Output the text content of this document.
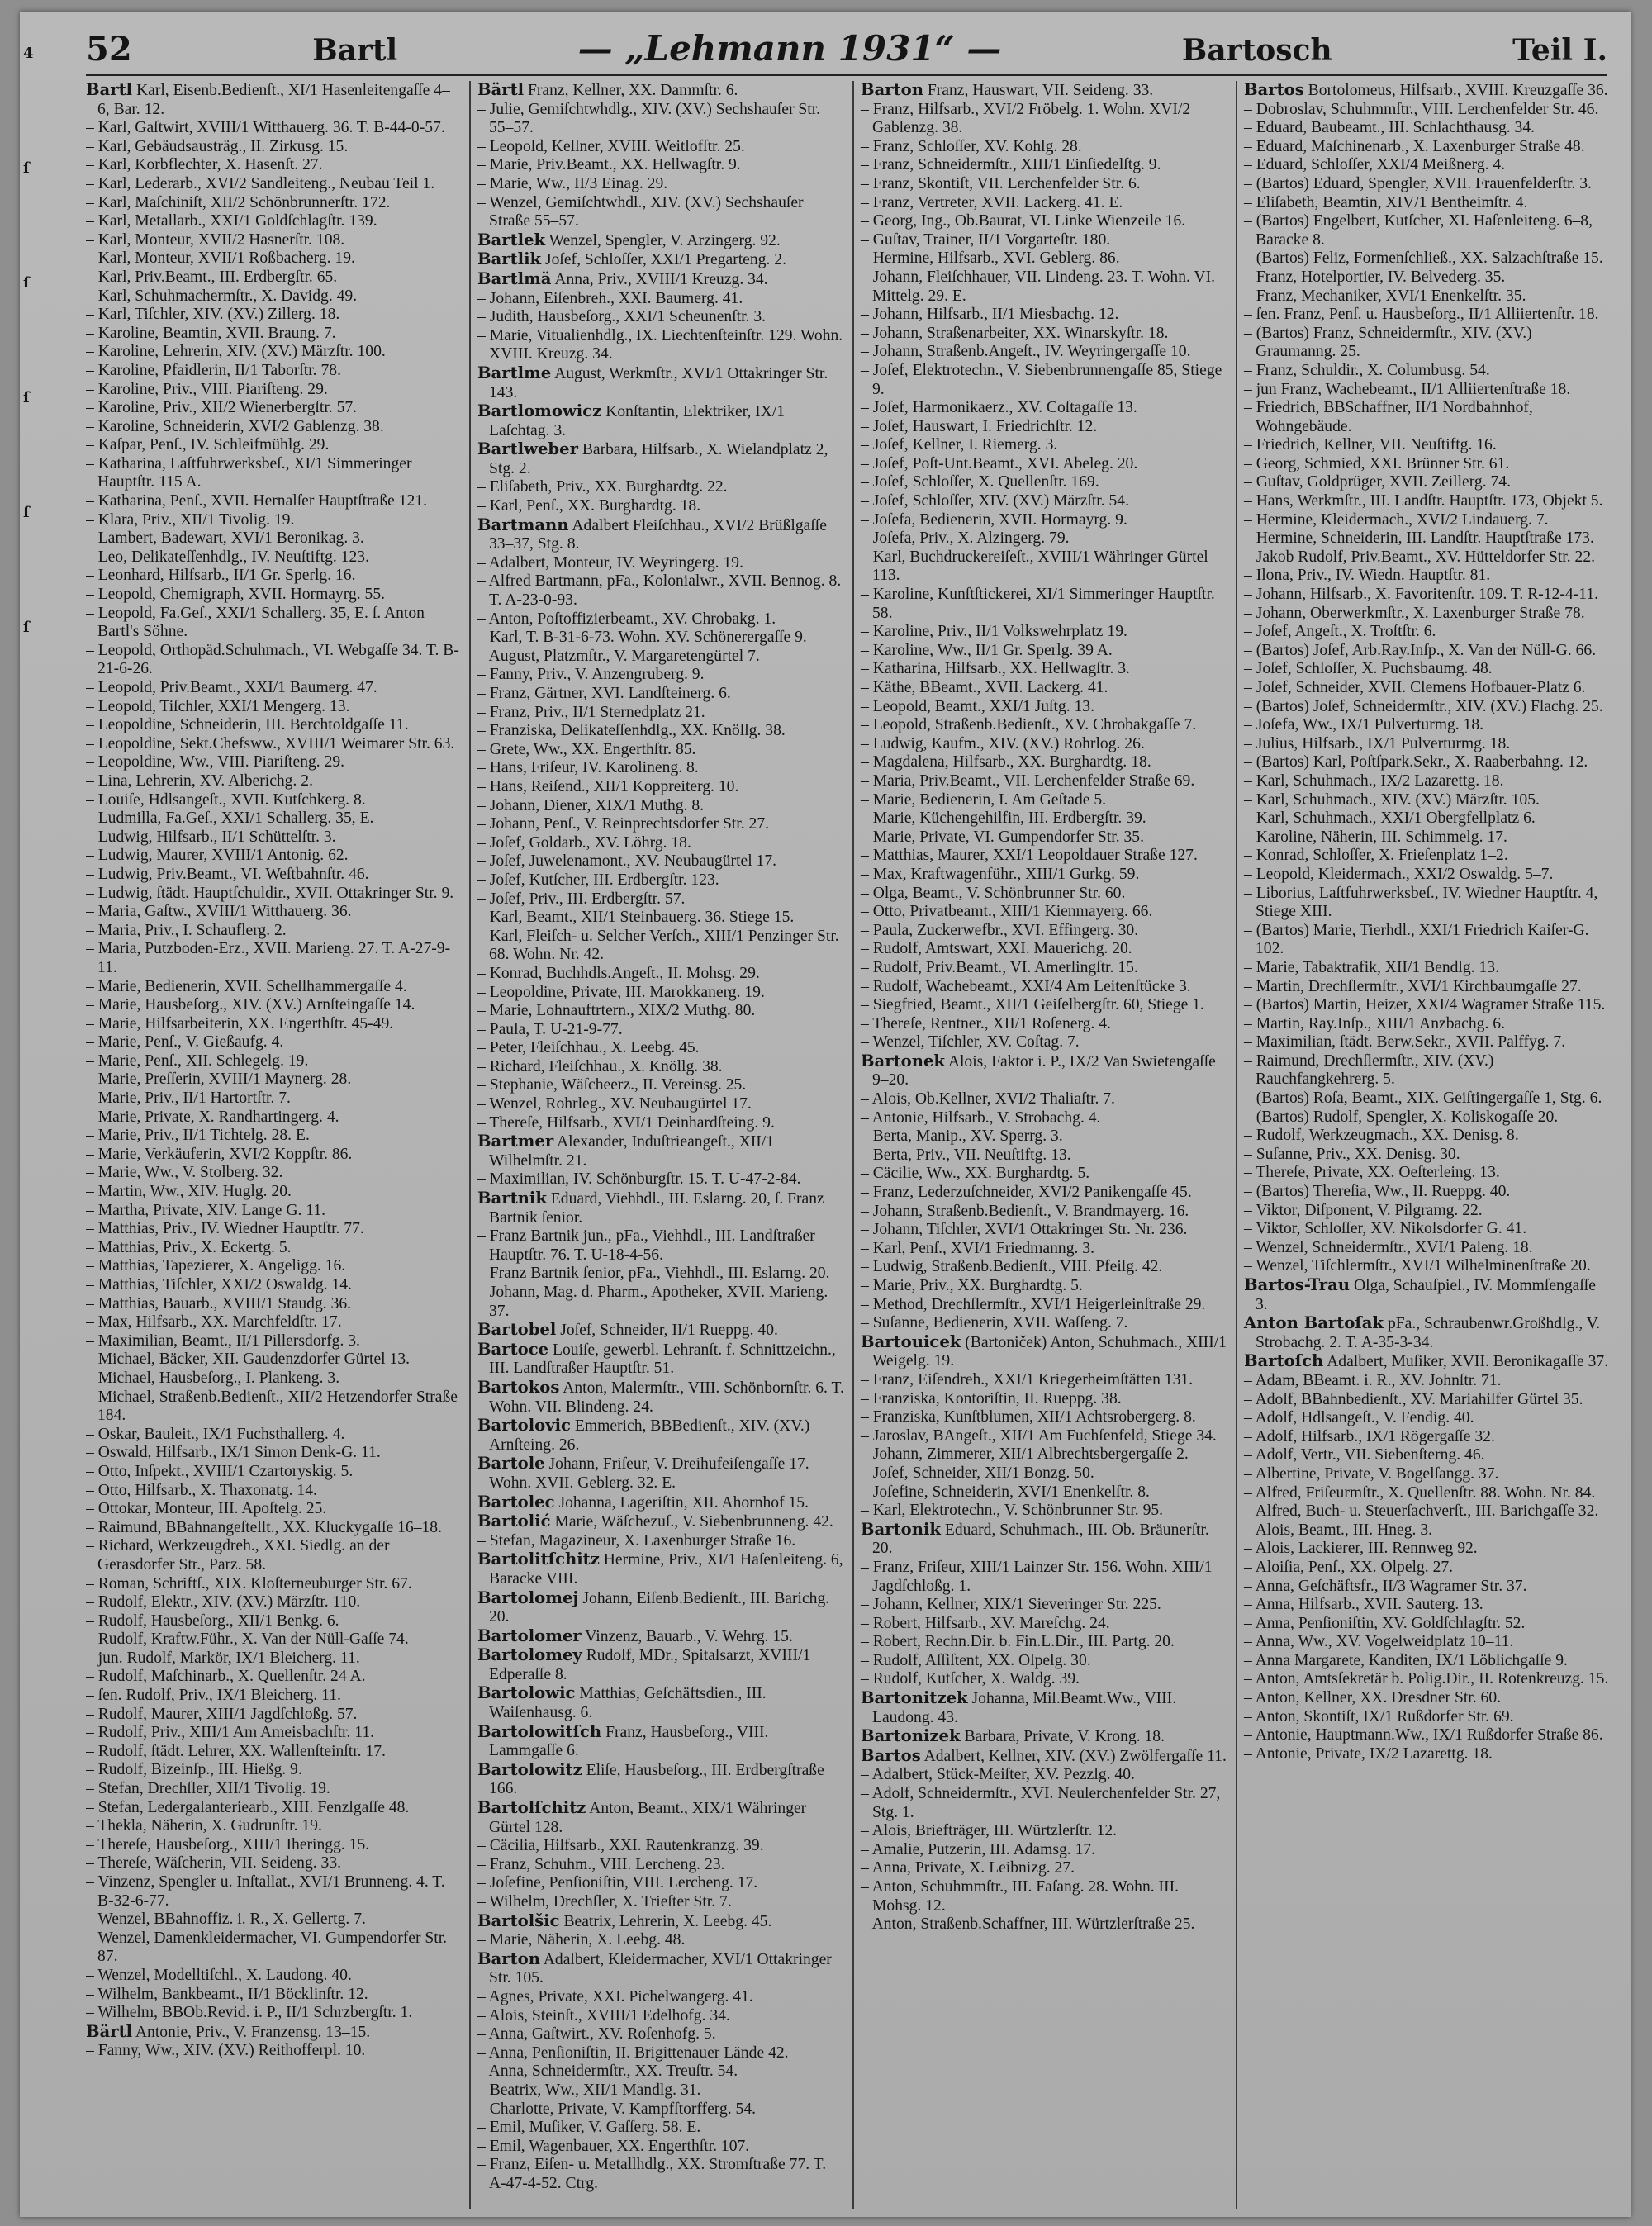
4
ſ
ſ
ſ
ſ
ſ
52	Bartl	— „Lehmann 1931“ —	Bartosch	Teil I.
Bartl Karl, Eisenb.Bedienſt., XI/1 Hasenleitengaſſe 4–6, Bar. 12.
– Karl, Gaſtwirt, XVIII/1 Witthauerg. 36. T. B-44-0-57.
– Karl, Gebäudsausträg., II. Zirkusg. 15.
– Karl, Korbflechter, X. Hasenſt. 27.
– Karl, Lederarb., XVI/2 Sandleiteng., Neubau Teil 1.
– Karl, Maſchiniſt, XII/2 Schönbrunnerſtr. 172.
– Karl, Metallarb., XXI/1 Goldſchlagſtr. 139.
– Karl, Monteur, XVII/2 Hasnerſtr. 108.
– Karl, Monteur, XVII/1 Roßbacherg. 19.
– Karl, Priv.Beamt., III. Erdbergſtr. 65.
– Karl, Schuhmachermſtr., X. Davidg. 49.
– Karl, Tiſchler, XIV. (XV.) Zillerg. 18.
– Karoline, Beamtin, XVII. Braung. 7.
– Karoline, Lehrerin, XIV. (XV.) Märzſtr. 100.
– Karoline, Pfaidlerin, II/1 Taborſtr. 78.
– Karoline, Priv., VIII. Piariſteng. 29.
– Karoline, Priv., XII/2 Wienerbergſtr. 57.
– Karoline, Schneiderin, XVI/2 Gablenzg. 38.
– Kaſpar, Penſ., IV. Schleifmühlg. 29.
– Katharina, Laſtfuhrwerksbeſ., XI/1 Simmeringer Hauptſtr. 115 A.
– Katharina, Penſ., XVII. Hernalſer Hauptſtraße 121.
– Klara, Priv., XII/1 Tivolig. 19.
– Lambert, Badewart, XVI/1 Beronikag. 3.
– Leo, Delikateſſenhdlg., IV. Neuſtiftg. 123.
– Leonhard, Hilfsarb., II/1 Gr. Sperlg. 16.
– Leopold, Chemigraph, XVII. Hormayrg. 55.
– Leopold, Fa.Geſ., XXI/1 Schallerg. 35, E. ſ. Anton Bartl's Söhne.
– Leopold, Orthopäd.Schuhmach., VI. Webgaſſe 34. T. B-21-6-26.
– Leopold, Priv.Beamt., XXI/1 Baumerg. 47.
– Leopold, Tiſchler, XXI/1 Mengerg. 13.
– Leopoldine, Schneiderin, III. Berchtoldgaſſe 11.
– Leopoldine, Sekt.Chefsww., XVIII/1 Weimarer Str. 63.
– Leopoldine, Ww., VIII. Piariſteng. 29.
– Lina, Lehrerin, XV. Alberichg. 2.
– Louiſe, Hdlsangeſt., XVII. Kutſchkerg. 8.
– Ludmilla, Fa.Geſ., XXI/1 Schallerg. 35, E.
– Ludwig, Hilfsarb., II/1 Schüttelſtr. 3.
– Ludwig, Maurer, XVIII/1 Antonig. 62.
– Ludwig, Priv.Beamt., VI. Weſtbahnſtr. 46.
– Ludwig, ſtädt. Hauptſchuldir., XVII. Ottakringer Str. 9.
– Maria, Gaſtw., XVIII/1 Witthauerg. 36.
– Maria, Priv., I. Schauflerg. 2.
– Maria, Putzboden-Erz., XVII. Marieng. 27. T. A-27-9-11.
– Marie, Bedienerin, XVII. Schellhammergaſſe 4.
– Marie, Hausbeſorg., XIV. (XV.) Arnſteingaſſe 14.
– Marie, Hilfsarbeiterin, XX. Engerthſtr. 45-49.
– Marie, Penſ., V. Gießaufg. 4.
– Marie, Penſ., XII. Schlegelg. 19.
– Marie, Preſſerin, XVIII/1 Maynerg. 28.
– Marie, Priv., II/1 Hartortſtr. 7.
– Marie, Private, X. Randhartingerg. 4.
– Marie, Priv., II/1 Tichtelg. 28. E.
– Marie, Verkäuferin, XVI/2 Koppſtr. 86.
– Marie, Ww., V. Stolberg. 32.
– Martin, Ww., XIV. Huglg. 20.
– Martha, Private, XIV. Lange G. 11.
– Matthias, Priv., IV. Wiedner Hauptſtr. 77.
– Matthias, Priv., X. Eckertg. 5.
– Matthias, Tapezierer, X. Angeligg. 16.
– Matthias, Tiſchler, XXI/2 Oswaldg. 14.
– Matthias, Bauarb., XVIII/1 Staudg. 36.
– Max, Hilfsarb., XX. Marchfeldſtr. 17.
– Maximilian, Beamt., II/1 Pillersdorfg. 3.
– Michael, Bäcker, XII. Gaudenzdorfer Gürtel 13.
– Michael, Hausbeſorg., I. Plankeng. 3.
– Michael, Straßenb.Bedienſt., XII/2 Hetzendorfer Straße 184.
– Oskar, Bauleit., IX/1 Fuchsthallerg. 4.
– Oswald, Hilfsarb., IX/1 Simon Denk-G. 11.
– Otto, Inſpekt., XVIII/1 Czartoryskig. 5.
– Otto, Hilfsarb., X. Thaxonatg. 14.
– Ottokar, Monteur, III. Apoſtelg. 25.
– Raimund, BBahnangeſtellt., XX. Kluckygaſſe 16–18.
– Richard, Werkzeugdreh., XXI. Siedlg. an der Gerasdorfer Str., Parz. 58.
– Roman, Schriftſ., XIX. Kloſterneuburger Str. 67.
– Rudolf, Elektr., XIV. (XV.) Märzſtr. 110.
– Rudolf, Hausbeſorg., XII/1 Benkg. 6.
– Rudolf, Kraftw.Führ., X. Van der Nüll-Gaſſe 74.
– jun. Rudolf, Markör, IX/1 Bleicherg. 11.
– Rudolf, Maſchinarb., X. Quellenſtr. 24 A.
– ſen. Rudolf, Priv., IX/1 Bleicherg. 11.
– Rudolf, Maurer, XIII/1 Jagdſchloßg. 57.
– Rudolf, Priv., XIII/1 Am Ameisbachſtr. 11.
– Rudolf, ſtädt. Lehrer, XX. Wallenſteinſtr. 17.
– Rudolf, Bizeinſp., III. Hießg. 9.
– Stefan, Drechſler, XII/1 Tivolig. 19.
– Stefan, Ledergalanteriearb., XIII. Fenzlgaſſe 48.
– Thekla, Näherin, X. Gudrunſtr. 19.
– Thereſe, Hausbeſorg., XIII/1 Iheringg. 15.
– Thereſe, Wäſcherin, VII. Seideng. 33.
– Vinzenz, Spengler u. Inſtallat., XVI/1 Brunneng. 4. T. B-32-6-77.
– Wenzel, BBahnoffiz. i. R., X. Gellertg. 7.
– Wenzel, Damenkleidermacher, VI. Gumpendorfer Str. 87.
– Wenzel, Modelltiſchl., X. Laudong. 40.
– Wilhelm, Bankbeamt., II/1 Böcklinſtr. 12.
– Wilhelm, BBOb.Revid. i. P., II/1 Schrzbergſtr. 1.
Bärtl Antonie, Priv., V. Franzensg. 13–15.
– Fanny, Ww., XIV. (XV.) Reithofferpl. 10.
Bärtl Franz, Kellner, XX. Dammſtr. 6.
– Julie, Gemiſchtwhdlg., XIV. (XV.) Sechshauſer Str. 55–57.
– Leopold, Kellner, XVIII. Weitlofſtr. 25.
– Marie, Priv.Beamt., XX. Hellwagſtr. 9.
– Marie, Ww., II/3 Einag. 29.
– Wenzel, Gemiſchtwhdl., XIV. (XV.) Sechshauſer Straße 55–57.
Bartlek Wenzel, Spengler, V. Arzingerg. 92.
Bartlik Joſef, Schloſſer, XXI/1 Pregarteng. 2.
Bartlmä Anna, Priv., XVIII/1 Kreuzg. 34.
– Johann, Eiſenbreh., XXI. Baumerg. 41.
– Judith, Hausbeſorg., XXI/1 Scheunenſtr. 3.
– Marie, Vitualienhdlg., IX. Liechtenſteinſtr. 129. Wohn. XVIII. Kreuzg. 34.
Bartlme August, Werkmſtr., XVI/1 Ottakringer Str. 143.
Bartlomowicz Konſtantin, Elektriker, IX/1 Laſchtag. 3.
Bartlweber Barbara, Hilfsarb., X. Wielandplatz 2, Stg. 2.
– Eliſabeth, Priv., XX. Burghardtg. 22.
– Karl, Penſ., XX. Burghardtg. 18.
Bartmann Adalbert Fleiſchhau., XVI/2 Brüßlgaſſe 33–37, Stg. 8.
– Adalbert, Monteur, IV. Weyringerg. 19.
– Alfred Bartmann, pFa., Kolonialwr., XVII. Bennog. 8. T. A-23-0-93.
– Anton, Poſtoffizierbeamt., XV. Chrobakg. 1.
– Karl, T. B-31-6-73. Wohn. XV. Schönerergaſſe 9.
– August, Platzmſtr., V. Margaretengürtel 7.
– Fanny, Priv., V. Anzengruberg. 9.
– Franz, Gärtner, XVI. Landſteinerg. 6.
– Franz, Priv., II/1 Sternedplatz 21.
– Franziska, Delikateſſenhdlg., XX. Knöllg. 38.
– Grete, Ww., XX. Engerthſtr. 85.
– Hans, Friſeur, IV. Karolineng. 8.
– Hans, Reiſend., XII/1 Koppreiterg. 10.
– Johann, Diener, XIX/1 Muthg. 8.
– Johann, Penſ., V. Reinprechtsdorfer Str. 27.
– Joſef, Goldarb., XV. Löhrg. 18.
– Joſef, Juwelenamont., XV. Neubaugürtel 17.
– Joſef, Kutſcher, III. Erdbergſtr. 123.
– Joſef, Priv., III. Erdbergſtr. 57.
– Karl, Beamt., XII/1 Steinbauerg. 36. Stiege 15.
– Karl, Fleiſch- u. Selcher Verſch., XIII/1 Penzinger Str. 68. Wohn. Nr. 42.
– Konrad, Buchhdls.Angeſt., II. Mohsg. 29.
– Leopoldine, Private, III. Marokkanerg. 19.
– Marie, Lohnauftrtern., XIX/2 Muthg. 80.
– Paula, T. U-21-9-77.
– Peter, Fleiſchhau., X. Leebg. 45.
– Richard, Fleiſchhau., X. Knöllg. 38.
– Stephanie, Wäſcheerz., II. Vereinsg. 25.
– Wenzel, Rohrleg., XV. Neubaugürtel 17.
– Thereſe, Hilfsarb., XVI/1 Deinhardſteing. 9.
Bartmer Alexander, Induſtrieangeſt., XII/1 Wilhelmſtr. 21.
– Maximilian, IV. Schönburgſtr. 15. T. U-47-2-84.
Bartnik Eduard, Viehhdl., III. Eslarng. 20, ſ. Franz Bartnik ſenior.
– Franz Bartnik jun., pFa., Viehhdl., III. Landſtraßer Hauptſtr. 76. T. U-18-4-56.
– Franz Bartnik ſenior, pFa., Viehhdl., III. Eslarng. 20.
– Johann, Mag. d. Pharm., Apotheker, XVII. Marieng. 37.
Bartobel Joſef, Schneider, II/1 Rueppg. 40.
Bartoce Louiſe, gewerbl. Lehranſt. f. Schnittzeichn., III. Landſtraßer Hauptſtr. 51.
Bartokos Anton, Malermſtr., VIII. Schönbornſtr. 6. T. Wohn. VII. Blindeng. 24.
Bartolovic Emmerich, BBBedienſt., XIV. (XV.) Arnſteing. 26.
Bartole Johann, Friſeur, V. Dreihufeiſengaſſe 17. Wohn. XVII. Geblerg. 32. E.
Bartolec Johanna, Lageriſtin, XII. Ahornhof 15.
Bartolić Marie, Wäſchezuſ., V. Siebenbrunneng. 42.
– Stefan, Magazineur, X. Laxenburger Straße 16.
Bartolitſchitz Hermine, Priv., XI/1 Haſenleiteng. 6, Baracke VIII.
Bartolomej Johann, Eiſenb.Bedienſt., III. Barichg. 20.
Bartolomer Vinzenz, Bauarb., V. Wehrg. 15.
Bartolomey Rudolf, MDr., Spitalsarzt, XVIII/1 Edperaſſe 8.
Bartolowic Matthias, Geſchäftsdien., III. Waiſenhausg. 6.
Bartolowitſch Franz, Hausbeſorg., VIII. Lammgaſſe 6.
Bartolowitz Eliſe, Hausbeſorg., III. Erdbergſtraße 166.
Bartolſchitz Anton, Beamt., XIX/1 Währinger Gürtel 128.
– Cäcilia, Hilfsarb., XXI. Rautenkranzg. 39.
– Franz, Schuhm., VIII. Lercheng. 23.
– Joſefine, Penſioniſtin, VIII. Lercheng. 17.
– Wilhelm, Drechſler, X. Trieſter Str. 7.
Bartolšic Beatrix, Lehrerin, X. Leebg. 45.
– Marie, Näherin, X. Leebg. 48.
Barton Adalbert, Kleidermacher, XVI/1 Ottakringer Str. 105.
– Agnes, Private, XXI. Pichelwangerg. 41.
– Alois, Steinſt., XVIII/1 Edelhofg. 34.
– Anna, Gaſtwirt., XV. Roſenhofg. 5.
– Anna, Penſioniſtin, II. Brigittenauer Lände 42.
– Anna, Schneidermſtr., XX. Treuſtr. 54.
– Beatrix, Ww., XII/1 Mandlg. 31.
– Charlotte, Private, V. Kampfſtorfferg. 54.
– Emil, Muſiker, V. Gaſſerg. 58. E.
– Emil, Wagenbauer, XX. Engerthſtr. 107.
– Franz, Eiſen- u. Metallhdlg., XX. Stromſtraße 77. T. A-47-4-52. Ctrg.
Barton Franz, Hauswart, VII. Seideng. 33.
– Franz, Hilfsarb., XVI/2 Fröbelg. 1. Wohn. XVI/2 Gablenzg. 38.
– Franz, Schloſſer, XV. Kohlg. 28.
– Franz, Schneidermſtr., XIII/1 Einſiedelſtg. 9.
– Franz, Skontiſt, VII. Lerchenfelder Str. 6.
– Franz, Vertreter, XVII. Lackerg. 41. E.
– Georg, Ing., Ob.Baurat, VI. Linke Wienzeile 16.
– Guſtav, Trainer, II/1 Vorgarteſtr. 180.
– Hermine, Hilfsarb., XVI. Geblerg. 86.
– Johann, Fleiſchhauer, VII. Lindeng. 23. T. Wohn. VI. Mittelg. 29. E.
– Johann, Hilfsarb., II/1 Miesbachg. 12.
– Johann, Straßenarbeiter, XX. Winarskyſtr. 18.
– Johann, Straßenb.Angeſt., IV. Weyringergaſſe 10.
– Joſef, Elektrotechn., V. Siebenbrunnengaſſe 85, Stiege 9.
– Joſef, Harmonikaerz., XV. Coſtagaſſe 13.
– Joſef, Hauswart, I. Friedrichſtr. 12.
– Joſef, Kellner, I. Riemerg. 3.
– Joſef, Poſt-Unt.Beamt., XVI. Abeleg. 20.
– Joſef, Schloſſer, X. Quellenſtr. 169.
– Joſef, Schloſſer, XIV. (XV.) Märzſtr. 54.
– Joſefa, Bedienerin, XVII. Hormayrg. 9.
– Joſefa, Priv., X. Alzingerg. 79.
– Karl, Buchdruckereiſeſt., XVIII/1 Währinger Gürtel 113.
– Karoline, Kunſtſtickerei, XI/1 Simmeringer Hauptſtr. 58.
– Karoline, Priv., II/1 Volkswehrplatz 19.
– Karoline, Ww., II/1 Gr. Sperlg. 39 A.
– Katharina, Hilfsarb., XX. Hellwagſtr. 3.
– Käthe, BBeamt., XVII. Lackerg. 41.
– Leopold, Beamt., XXI/1 Juſtg. 13.
– Leopold, Straßenb.Bedienſt., XV. Chrobakgaſſe 7.
– Ludwig, Kaufm., XIV. (XV.) Rohrlog. 26.
– Magdalena, Hilfsarb., XX. Burghardtg. 18.
– Maria, Priv.Beamt., VII. Lerchenfelder Straße 69.
– Marie, Bedienerin, I. Am Geſtade 5.
– Marie, Küchengehilfin, III. Erdbergſtr. 39.
– Marie, Private, VI. Gumpendorfer Str. 35.
– Matthias, Maurer, XXI/1 Leopoldauer Straße 127.
– Max, Kraftwagenführ., XIII/1 Gurkg. 59.
– Olga, Beamt., V. Schönbrunner Str. 60.
– Otto, Privatbeamt., XIII/1 Kienmayerg. 66.
– Paula, Zuckerwefbr., XVI. Effingerg. 30.
– Rudolf, Amtswart, XXI. Mauerichg. 20.
– Rudolf, Priv.Beamt., VI. Amerlingſtr. 15.
– Rudolf, Wachebeamt., XXI/4 Am Leitenſtücke 3.
– Siegfried, Beamt., XII/1 Geiſelbergſtr. 60, Stiege 1.
– Thereſe, Rentner., XII/1 Roſenerg. 4.
– Wenzel, Tiſchler, XV. Coſtag. 7.
Bartonek Alois, Faktor i. P., IX/2 Van Swietengaſſe 9–20.
– Alois, Ob.Kellner, XVI/2 Thaliaſtr. 7.
– Antonie, Hilfsarb., V. Strobachg. 4.
– Berta, Manip., XV. Sperrg. 3.
– Berta, Priv., VII. Neuſtiftg. 13.
– Cäcilie, Ww., XX. Burghardtg. 5.
– Franz, Lederzuſchneider, XVI/2 Panikengaſſe 45.
– Johann, Straßenb.Bedienſt., V. Brandmayerg. 16.
– Johann, Tiſchler, XVI/1 Ottakringer Str. Nr. 236.
– Karl, Penſ., XVI/1 Friedmanng. 3.
– Ludwig, Straßenb.Bedienſt., VIII. Pfeilg. 42.
– Marie, Priv., XX. Burghardtg. 5.
– Method, Drechſlermſtr., XVI/1 Heigerleinſtraße 29.
– Suſanne, Bedienerin, XVII. Waſſeng. 7.
Bartouicek (Bartoniček) Anton, Schuhmach., XIII/1 Weigelg. 19.
– Franz, Eiſendreh., XXI/1 Kriegerheimſtätten 131.
– Franziska, Kontoriſtin, II. Rueppg. 38.
– Franziska, Kunſtblumen, XII/1 Achtsrobergerg. 8.
– Jaroslav, BAngeſt., XII/1 Am Fuchſenfeld, Stiege 34.
– Johann, Zimmerer, XII/1 Albrechtsbergergaſſe 2.
– Joſef, Schneider, XII/1 Bonzg. 50.
– Joſefine, Schneiderin, XVI/1 Enenkelſtr. 8.
– Karl, Elektrotechn., V. Schönbrunner Str. 95.
Bartonik Eduard, Schuhmach., III. Ob. Bräunerſtr. 20.
– Franz, Friſeur, XIII/1 Lainzer Str. 156. Wohn. XIII/1 Jagdſchloßg. 1.
– Johann, Kellner, XIX/1 Sieveringer Str. 225.
– Robert, Hilfsarb., XV. Mareſchg. 24.
– Robert, Rechn.Dir. b. Fin.L.Dir., III. Partg. 20.
– Rudolf, Aſſiſtent, XX. Olpelg. 30.
– Rudolf, Kutſcher, X. Waldg. 39.
Bartonitzek Johanna, Mil.Beamt.Ww., VIII. Laudong. 43.
Bartonizek Barbara, Private, V. Krong. 18.
Bartos Adalbert, Kellner, XIV. (XV.) Zwölfergaſſe 11.
– Adalbert, Stück-Meiſter, XV. Pezzlg. 40.
– Adolf, Schneidermſtr., XVI. Neulerchenfelder Str. 27, Stg. 1.
– Alois, Briefträger, III. Würtzlerſtr. 12.
– Amalie, Putzerin, III. Adamsg. 17.
– Anna, Private, X. Leibnizg. 27.
– Anton, Schuhmmſtr., III. Faſang. 28. Wohn. III. Mohsg. 12.
– Anton, Straßenb.Schaffner, III. Würtzlerſtraße 25.
Bartos Bortolomeus, Hilfsarb., XVIII. Kreuzgaſſe 36.
– Dobroslav, Schuhmmſtr., VIII. Lerchenfelder Str. 46.
– Eduard, Baubeamt., III. Schlachthausg. 34.
– Eduard, Maſchinenarb., X. Laxenburger Straße 48.
– Eduard, Schloſſer, XXI/4 Meißnerg. 4.
– (Bartos) Eduard, Spengler, XVII. Frauenfelderſtr. 3.
– Eliſabeth, Beamtin, XIV/1 Bentheimſtr. 4.
– (Bartos) Engelbert, Kutſcher, XI. Haſenleiteng. 6–8, Baracke 8.
– (Bartos) Feliz, Formenſchließ., XX. Salzachſtraße 15.
– Franz, Hotelportier, IV. Belvederg. 35.
– Franz, Mechaniker, XVI/1 Enenkelſtr. 35.
– ſen. Franz, Penſ. u. Hausbeſorg., II/1 Alliiertenſtr. 18.
– (Bartos) Franz, Schneidermſtr., XIV. (XV.) Graumanng. 25.
– Franz, Schuldir., X. Columbusg. 54.
– jun Franz, Wachebeamt., II/1 Alliiertenſtraße 18.
– Friedrich, BBSchaffner, II/1 Nordbahnhof, Wohngebäude.
– Friedrich, Kellner, VII. Neuſtiftg. 16.
– Georg, Schmied, XXI. Brünner Str. 61.
– Guſtav, Goldprüger, XVII. Zeillerg. 74.
– Hans, Werkmſtr., III. Landſtr. Hauptſtr. 173, Objekt 5.
– Hermine, Kleidermach., XVI/2 Lindauerg. 7.
– Hermine, Schneiderin, III. Landſtr. Hauptſtraße 173.
– Jakob Rudolf, Priv.Beamt., XV. Hütteldorfer Str. 22.
– Ilona, Priv., IV. Wiedn. Hauptſtr. 81.
– Johann, Hilfsarb., X. Favoritenſtr. 109. T. R-12-4-11.
– Johann, Oberwerkmſtr., X. Laxenburger Straße 78.
– Joſef, Angeſt., X. Troſtſtr. 6.
– (Bartos) Joſef, Arb.Ray.Inſp., X. Van der Nüll-G. 66.
– Joſef, Schloſſer, X. Puchsbaumg. 48.
– Joſef, Schneider, XVII. Clemens Hofbauer-Platz 6.
– (Bartos) Joſef, Schneidermſtr., XIV. (XV.) Flachg. 25.
– Joſefa, Ww., IX/1 Pulverturmg. 18.
– Julius, Hilfsarb., IX/1 Pulverturmg. 18.
– (Bartos) Karl, Poſtſpark.Sekr., X. Raaberbahng. 12.
– Karl, Schuhmach., IX/2 Lazarettg. 18.
– Karl, Schuhmach., XIV. (XV.) Märzſtr. 105.
– Karl, Schuhmach., XXI/1 Obergfellplatz 6.
– Karoline, Näherin, III. Schimmelg. 17.
– Konrad, Schloſſer, X. Frieſenplatz 1–2.
– Leopold, Kleidermach., XXI/2 Oswaldg. 5–7.
– Liborius, Laſtfuhrwerksbeſ., IV. Wiedner Hauptſtr. 4, Stiege XIII.
– (Bartos) Marie, Tierhdl., XXI/1 Friedrich Kaiſer-G. 102.
– Marie, Tabaktrafik, XII/1 Bendlg. 13.
– Martin, Drechſlermſtr., XVI/1 Kirchbaumgaſſe 27.
– (Bartos) Martin, Heizer, XXI/4 Wagramer Straße 115.
– Martin, Ray.Inſp., XIII/1 Anzbachg. 6.
– Maximilian, ſtädt. Berw.Sekr., XVII. Palffyg. 7.
– Raimund, Drechſlermſtr., XIV. (XV.) Rauchfangkehrerg. 5.
– (Bartos) Roſa, Beamt., XIX. Geiſtingergaſſe 1, Stg. 6.
– (Bartos) Rudolf, Spengler, X. Koliskogaſſe 20.
– Rudolf, Werkzeugmach., XX. Denisg. 8.
– Suſanne, Priv., XX. Denisg. 30.
– Thereſe, Private, XX. Oeſterleing. 13.
– (Bartos) Thereſia, Ww., II. Rueppg. 40.
– Viktor, Diſponent, V. Pilgramg. 22.
– Viktor, Schloſſer, XV. Nikolsdorfer G. 41.
– Wenzel, Schneidermſtr., XVI/1 Paleng. 18.
– Wenzel, Tiſchlermſtr., XVI/1 Wilhelminenſtraße 20.
Bartos-Trau Olga, Schauſpiel., IV. Mommſengaſſe 3.
Anton Bartoſak pFa., Schraubenwr.Großhdlg., V. Strobachg. 2. T. A-35-3-34.
Bartoſch Adalbert, Muſiker, XVII. Beronikagaſſe 37.
– Adam, BBeamt. i. R., XV. Johnſtr. 71.
– Adolf, BBahnbedienſt., XV. Mariahilfer Gürtel 35.
– Adolf, Hdlsangeſt., V. Fendig. 40.
– Adolf, Hilfsarb., IX/1 Rögergaſſe 32.
– Adolf, Vertr., VII. Siebenſterng. 46.
– Albertine, Private, V. Bogelſangg. 37.
– Alfred, Friſeurmſtr., X. Quellenſtr. 88. Wohn. Nr. 84.
– Alfred, Buch- u. Steuerſachverſt., III. Barichgaſſe 32.
– Alois, Beamt., III. Hneg. 3.
– Alois, Lackierer, III. Rennweg 92.
– Aloiſia, Penſ., XX. Olpelg. 27.
– Anna, Geſchäftsfr., II/3 Wagramer Str. 37.
– Anna, Hilfsarb., XVII. Sauterg. 13.
– Anna, Penſioniſtin, XV. Goldſchlagſtr. 52.
– Anna, Ww., XV. Vogelweidplatz 10–11.
– Anna Margarete, Kanditen, IX/1 Löblichgaſſe 9.
– Anton, Amtsſekretär b. Polig.Dir., II. Rotenkreuzg. 15.
– Anton, Kellner, XX. Dresdner Str. 60.
– Anton, Skontiſt, IX/1 Rußdorfer Str. 69.
– Antonie, Hauptmann.Ww., IX/1 Rußdorfer Straße 86.
– Antonie, Private, IX/2 Lazarettg. 18.
